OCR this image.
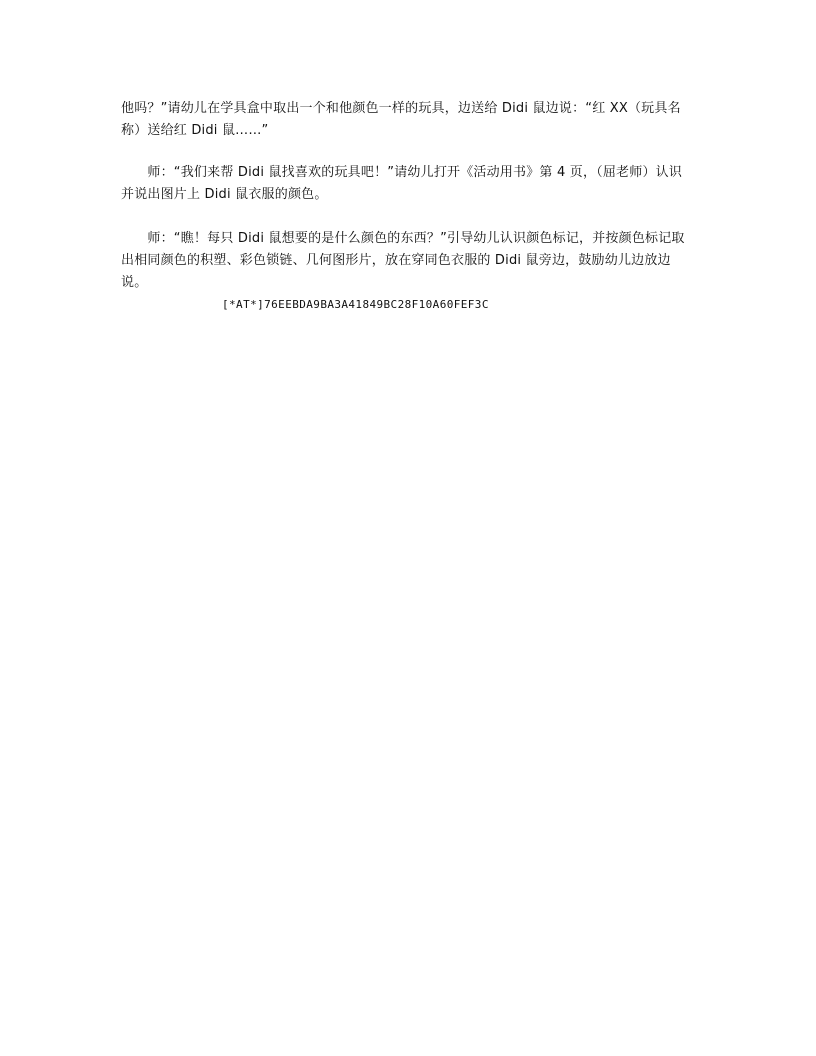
他吗？”请幼儿在学具盒中取出一个和他颜色一样的玩具，边送给 Didi 鼠边说：“红 XX（玩具名称）送给红 Didi 鼠……”

　　师：“我们来帮 Didi 鼠找喜欢的玩具吧！”请幼儿打开《活动用书》第 4 页，（屈老师）认识并说出图片上 Didi 鼠衣服的颜色。

　　师：“瞧！每只 Didi 鼠想要的是什么颜色的东西？”引导幼儿认识颜色标记，并按颜色标记取出相同颜色的积塑、彩色锁链、几何图形片，放在穿同色衣服的 Didi 鼠旁边，鼓励幼儿边放边说。

[*AT*]76EEBDA9BA3A41849BC28F10A60FEF3C
